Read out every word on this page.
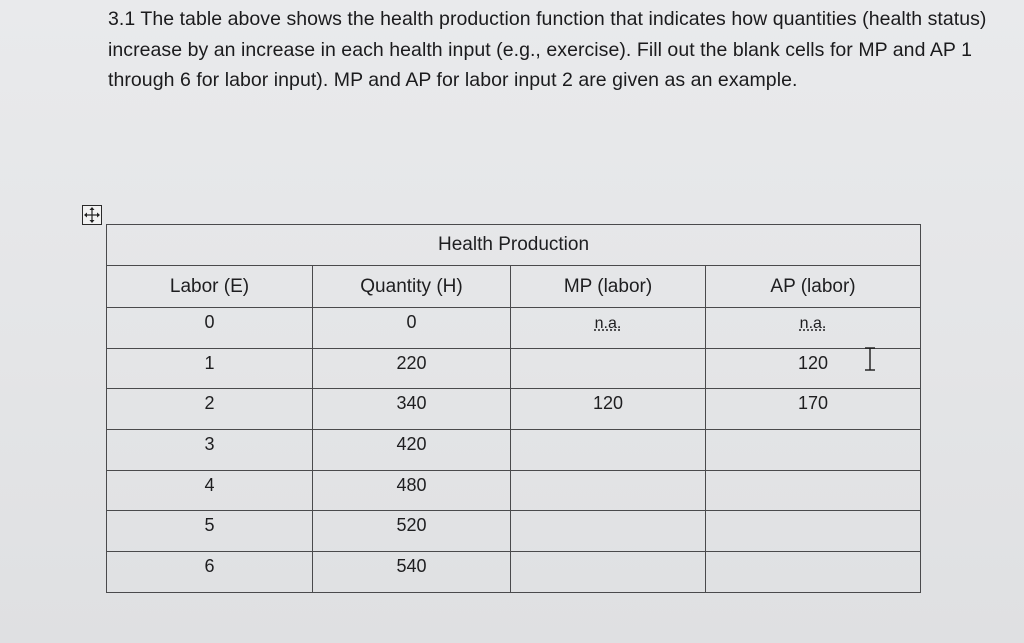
3.1 The table above shows the health production function that indicates how quantities (health status) increase by an increase in each health input (e.g., exercise). Fill out the blank cells for MP and AP 1 through 6 for labor input). MP and AP for labor input 2 are given as an example.

Health Production			
Labor (E)	Quantity (H)	MP (labor)	AP (labor)
0	0	n.a.	n.a.
1	220		120
2	340	120	170
3	420		
4	480		
5	520		
6	540		
